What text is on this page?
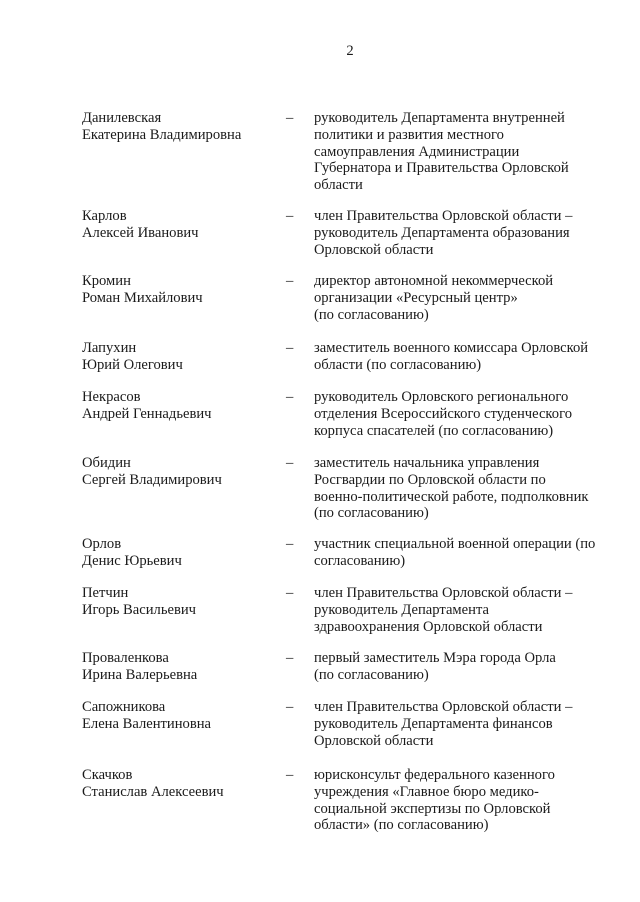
2
Данилевская
Екатерина Владимировна
– руководитель Департамента внутренней
политики и развития местного
самоуправления Администрации
Губернатора и Правительства Орловской
области
Карлов
Алексей Иванович
– член Правительства Орловской области –
руководитель Департамента образования
Орловской области
Кромин
Роман Михайлович
– директор автономной некоммерческой
организации «Ресурсный центр»
(по согласованию)
Лапухин
Юрий Олегович
– заместитель военного комиссара Орловской
области (по согласованию)
Некрасов
Андрей Геннадьевич
– руководитель Орловского регионального
отделения Всероссийского студенческого
корпуса спасателей (по согласованию)
Обидин
Сергей Владимирович
– заместитель начальника управления
Росгвардии по Орловской области по
военно-политической работе, подполковник
(по согласованию)
Орлов
Денис Юрьевич
– участник специальной военной операции (по
согласованию)
Петчин
Игорь Васильевич
– член Правительства Орловской области –
руководитель Департамента
здравоохранения Орловской области
Проваленкова
Ирина Валерьевна
– первый заместитель Мэра города Орла
(по согласованию)
Сапожникова
Елена Валентиновна
– член Правительства Орловской области –
руководитель Департамента финансов
Орловской области
Скачков
Станислав Алексеевич
– юрисконсульт федерального казенного
учреждения «Главное бюро медико-
социальной экспертизы по Орловской
области» (по согласованию)
